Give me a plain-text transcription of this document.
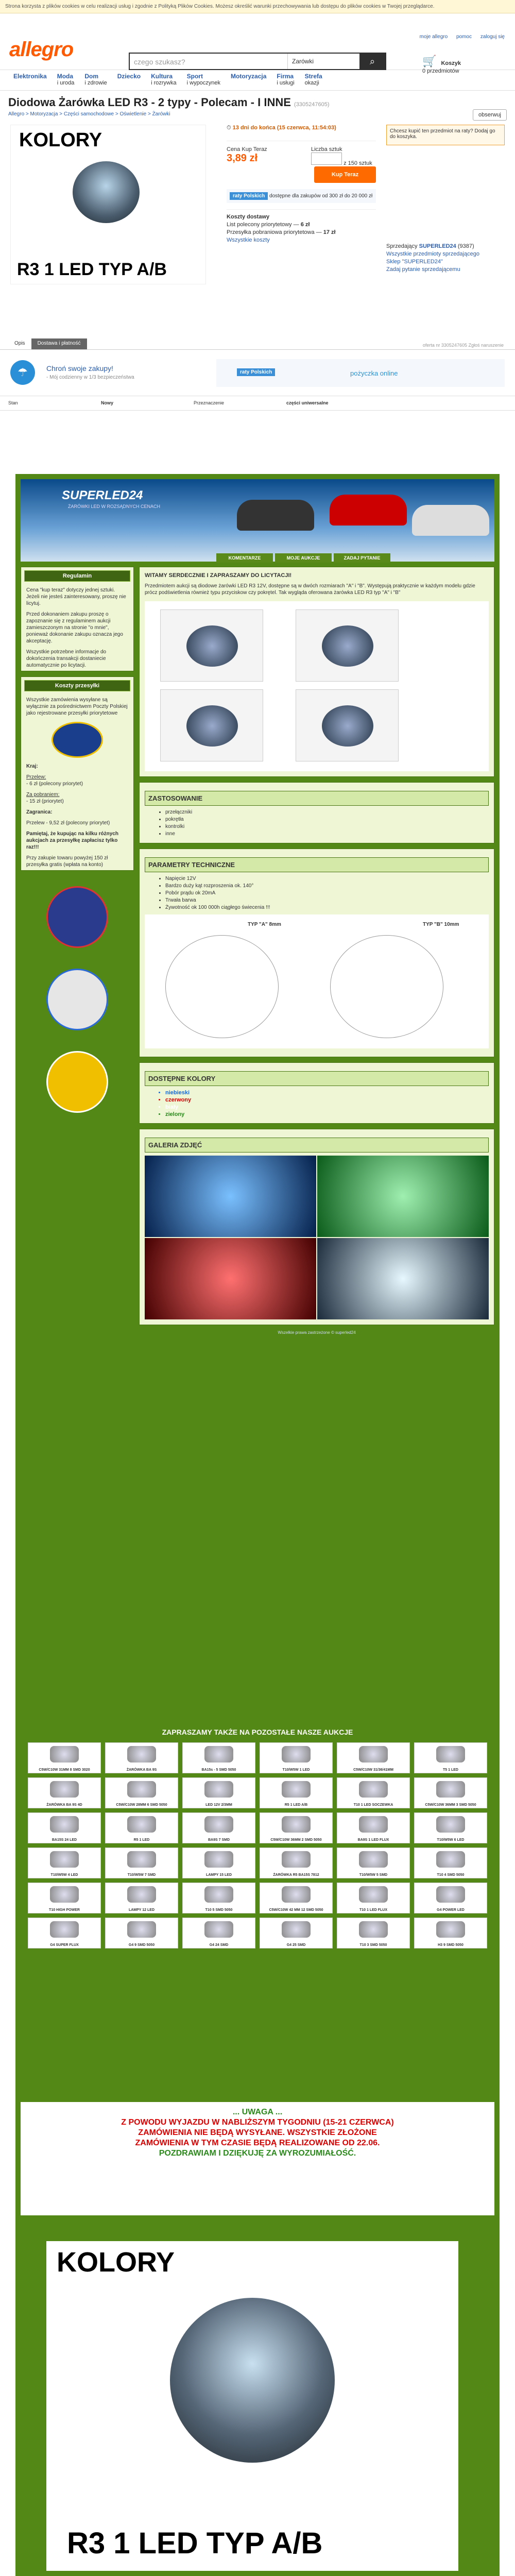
Strona korzysta z plików cookies w celu realizacji usług i zgodnie z Polityką Plików Cookies. Możesz określić warunki przechowywania lub dostępu do plików cookies w Twojej przeglądarce.
allegro
moje allegro pomoc zaloguj się
czego szukasz?	Zarówki	⌕	🛒 Koszyk
0 przedmiotów
Elektronika Moda
i uroda
Dom
i zdrowie
Dziecko Kultura
i rozrywka
Sport
i wypoczynek
Motoryzacja Firma
i usługi
Strefa
okazji
Diodowa Żarówka LED R3 - 2 typy - Polecam - I INNE (3305247605)
Allegro > Motoryzacja > Części samochodowe > Oświetlenie > Żarówki	obserwuj
KOLORY
R3 1 LED TYP A/B
⏱ 13 dni do końca (15 czerwca, 11:54:03)
Cena Kup Teraz
3,89 zł
Liczba sztuk
z 150 sztuk
Kup Teraz
raty Polskich dostępne dla zakupów od 300 zł do 20 000 zł
Koszty dostawy
List polecony priorytetowy — 6 zł
Przesyłka pobraniowa priorytetowa — 17 zł
Wszystkie koszty
Chcesz kupić ten przedmiot na raty? Dodaj go do koszyka.
Sprzedający SUPERLED24 (9387)
Wszystkie przedmioty sprzedającego
Sklep "SUPERLED24"
Zadaj pytanie sprzedającemu
Opis	Dostawa i płatność	oferta nr 3305247605 Zgłoś naruszenie
☂	Chroń swoje zakupy!
- Mój codzienny w 1/3 bezpieczeństwa
raty Polskich	pożyczka online
Stan	Nowy	Przeznaczenie	części uniwersalne
SUPERLED24
ŻARÓWKI LED W ROZSĄDNYCH CENACH
KOMENTARZE	MOJE AUKCJE	ZADAJ PYTANIE
Regulamin

Cena "kup teraz" dotyczy jednej sztuki. Jeżeli nie jesteś zainteresowany, proszę nie licytuj.

Przed dokonaniem zakupu proszę o zapoznanie się z regulaminem aukcji zamieszczonym na stronie "o mnie", ponieważ dokonanie zakupu oznacza jego akceptację.

Wszystkie potrzebne informacje do dokończenia transakcji dostaniecie automatycznie po licytacji.

Koszty przesyłki

Wszystkie zamówienia wysyłane są wyłącznie za pośrednictwem Poczty Polskiej jako rejestrowane przesyłki priorytetowe

Kraj:

Przelew:
- 6 zł (polecony priorytet)

Za pobraniem:
- 15 zł (priorytet)

Zagranica:

Przelew - 9,52 zł (polecony priorytet)

Pamiętaj, że kupując na kilku różnych aukcjach za przesyłkę zapłacisz tylko raz!!!

Przy zakupie towaru powyżej 150 zł przesyłka gratis (wpłata na konto)

WITAMY SERDECZNIE I ZAPRASZAMY DO LICYTACJI!

Przedmiotem aukcji są diodowe żarówki LED R3 12V, dostępne są w dwóch rozmiarach "A" i "B". Występują praktycznie w każdym modelu gdzie prócz podświetlenia również typu przyciskow czy pokrętel. Tak wygląda oferowana żarówka LED R3 typ "A" i "B"

ZASTOSOWANIE
• przełączniki
• pokrętła
• kontrolki
• inne
PARAMETRY TECHNICZNE
• Napięcie 12V
• Bardzo duży kąt rozproszenia ok. 140°
• Pobór prądu ok 20mA
• Trwała barwa
• Żywotność ok 100 000h ciągłego świecenia !!!
TYP "A" 8mm	TYP "B" 10mm
DOSTĘPNE KOLORY
• niebieski
• czerwony
• biały
• zielony
GALERIA ZDJĘĆ
Wszelkie prawa zastrzeżone © superled24
ZAPRASZAMY TAKŻE NA POZOSTAŁE NASZE AUKCJE
C5W/C10W 31MM 8 SMD 3020	ŻARÓWKA BA 9S	BA15s - 5 SMD 5050	T10/W5W 1 LED	C5W/C10W 31/36/41MM	T5 1 LED
ŻARÓWKA BA 9S 4D	C5W/C10W 28MM 6 SMD 5050	LED 12V 2/3MM	R5 1 LED A/B	T10 1 LED SOCZEWKA	C5W/C10W 36MM 3 SMD 5050
BA15S 24 LED	R5 1 LED	BA9S 7 SMD	C5W/C10W 36MM 2 SMD 5050	BA9S 1 LED FLUX	T10/W5W 6 LED
T10/W5W 4 LED	T10/W5W 7 SMD	LAMPY 15 LED	ŻARÓWKA R5 BA15S 7812	T10/W5W 5 SMD	T10 4 SMD 5050
T10 HIGH POWER	LAMPY 12 LED	T10 5 SMD 5050	C5W/C10W 42 MM 12 SMD 5050	T10 1 LED FLUX	G4 POWER LED
G4 SUPER FLUX	G4 9 SMD 5050	G4 24 SMD	G4 25 SMD	T10 3 SMD 5050	H3 9 SMD 5050
... UWAGA ...
Z POWODU WYJAZDU W NABLIŻSZYM TYGODNIU (15-21 CZERWCA)
ZAMÓWIENIA NIE BĘDĄ WYSYŁANE. WSZYSTKIE ZŁOŻONE
ZAMÓWIENIA W TYM CZASIE BĘDĄ REALIZOWANE OD 22.06.
POZDRAWIAM I DZIĘKUJĘ ZA WYROZUMIAŁOŚĆ.
KOLORY
R3 1 LED TYP A/B
